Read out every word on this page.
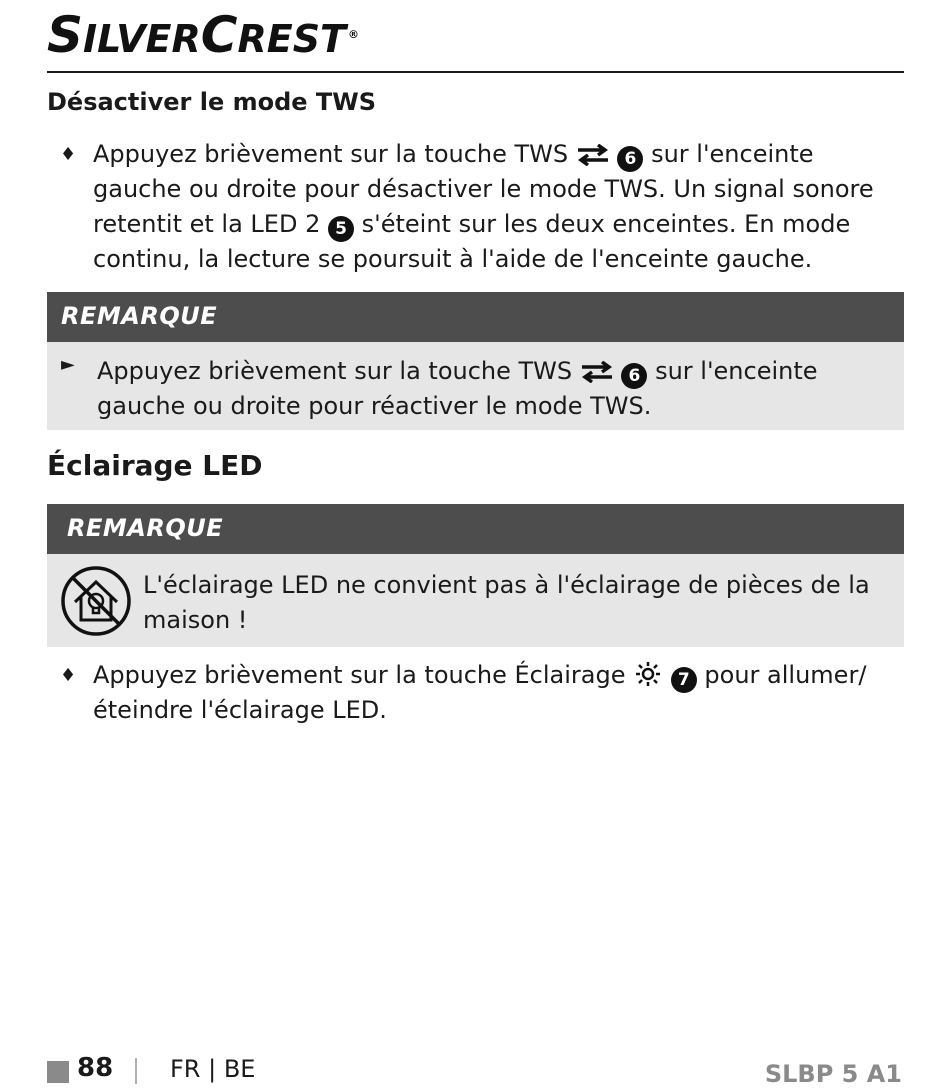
SILVERCREST ®
Désactiver le mode TWS
♦ Appuyez brièvement sur la touche TWS	6 sur l'enceinte gauche ou droite pour désactiver le mode TWS. Un signal sonore retentit et la LED 2 5 s'éteint sur les deux enceintes. En mode continu, la lecture se poursuit à l'aide de l'enceinte gauche.
REMARQUE
► Appuyez brièvement sur la touche TWS	6 sur l'enceinte gauche ou droite pour réactiver le mode TWS.
Éclairage LED
REMARQUE
L'éclairage LED ne convient pas à l'éclairage de pièces de la maison !
♦ Appuyez brièvement sur la touche Éclairage	7 pour allumer/ éteindre l'éclairage LED.
88 FR | BE	SLBP 5 A1
